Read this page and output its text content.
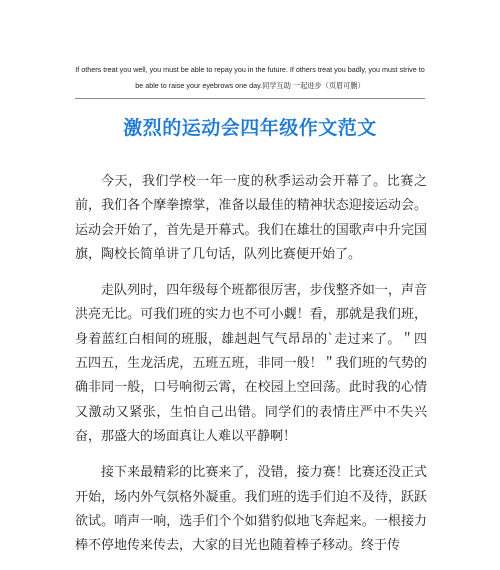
If others treat you well, you must be able to repay you in the future. If others treat you badly, you must strive to
be able to raise your eyebrows one day.同学互助 一起进步（页眉可删）
激烈的运动会四年级作文范文

今天，我们学校一年一度的秋季运动会开幕了。比赛之前，我们各个摩拳擦掌，准备以最佳的精神状态迎接运动会。运动会开始了，首先是开幕式。我们在雄壮的国歌声中升完国旗，陶校长简单讲了几句话，队列比赛便开始了。

走队列时，四年级每个班都很厉害，步伐整齐如一，声音洪亮无比。可我们班的实力也不可小觑！看，那就是我们班，身着蓝红白相间的班服，雄赳赳气气昂昂的`走过来了。＂四五四五，生龙活虎，五班五班，非同一般！＂我们班的气势的确非同一般，口号响彻云霄，在校园上空回荡。此时我的心情又激动又紧张，生怕自己出错。同学们的表情庄严中不失兴奋，那盛大的场面真让人难以平静啊！

接下来最精彩的比赛来了，没错，接力赛！比赛还没正式开始，场内外气氛格外凝重。我们班的选手们迫不及待，跃跃欲试。哨声一响，选手们个个如猎豹似地飞奔起来。一根接力棒不停地传来传去，大家的目光也随着棒子移动。终于传
